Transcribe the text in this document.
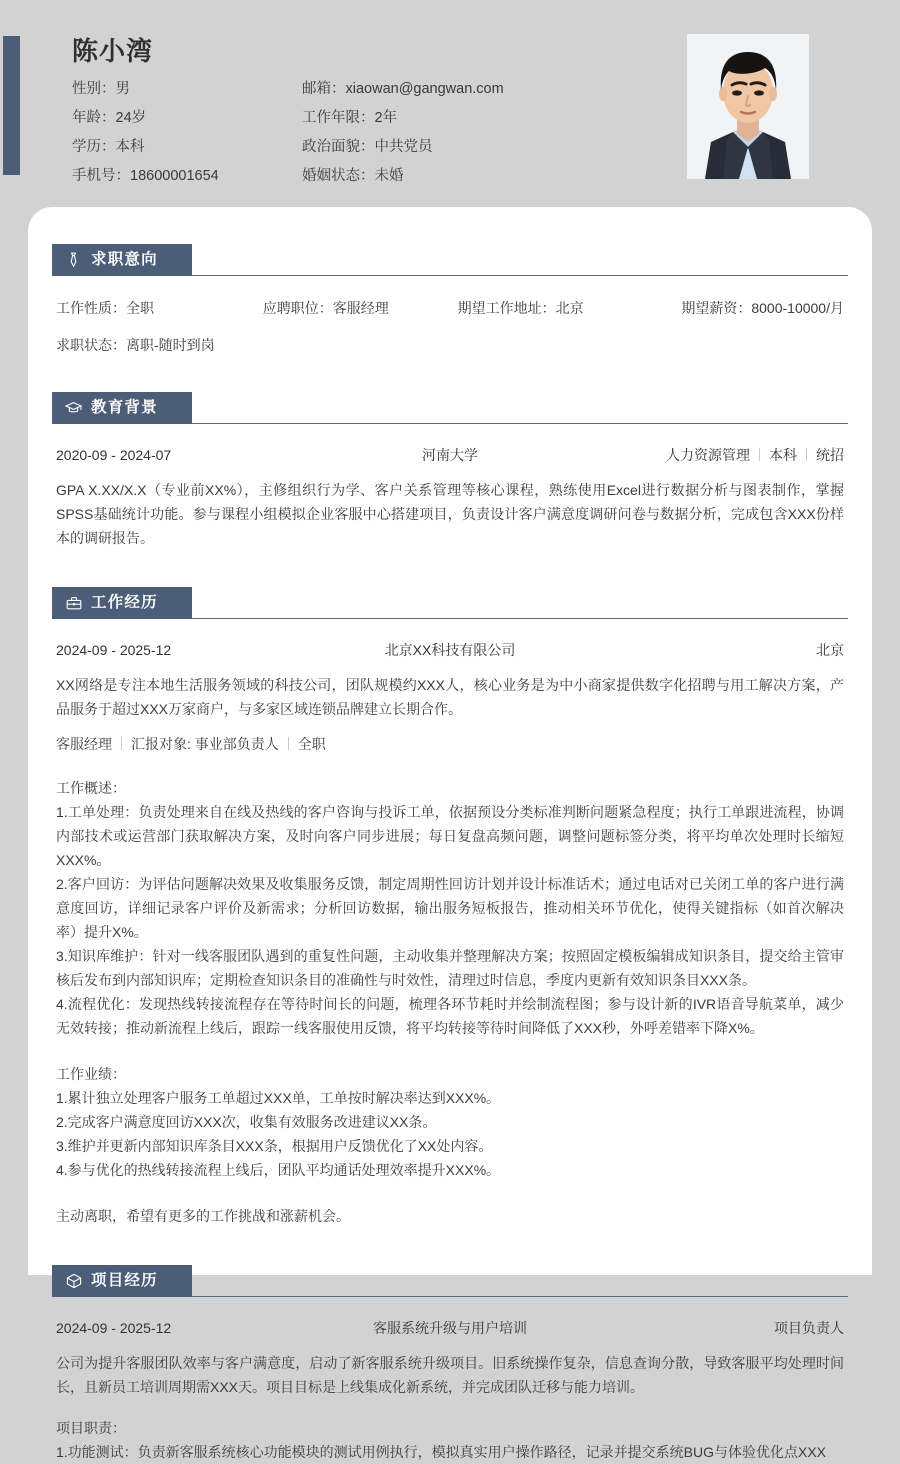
陈小湾
性别：男	邮箱：xiaowan@gangwan.com
年龄：24岁	工作年限：2年
学历：本科	政治面貌：中共党员
手机号：18600001654	婚姻状态：未婚
求职意向
工作性质：全职	应聘职位：客服经理	期望工作地址：北京	期望薪资：8000-10000/月
求职状态：离职-随时到岗
教育背景
2020-09 - 2024-07	河南大学	人力资源管理 本科 统招
GPA X.XX/X.X（专业前XX%），主修组织行为学、客户关系管理等核心课程，熟练使用Excel进行数据分析与图表制作，掌握SPSS基础统计功能。参与课程小组模拟企业客服中心搭建项目，负责设计客户满意度调研问卷与数据分析，完成包含XXX份样本的调研报告。
工作经历
2024-09 - 2025-12	北京XX科技有限公司	北京
XX网络是专注本地生活服务领域的科技公司，团队规模约XXX人，核心业务是为中小商家提供数字化招聘与用工解决方案，产品服务于超过XXX万家商户，与多家区域连锁品牌建立长期合作。
客服经理 汇报对象: 事业部负责人 全职
工作概述：
1.工单处理：负责处理来自在线及热线的客户咨询与投诉工单，依据预设分类标准判断问题紧急程度；执行工单跟进流程，协调内部技术或运营部门获取解决方案，及时向客户同步进展；每日复盘高频问题，调整问题标签分类，将平均单次处理时长缩短XXX%。
2.客户回访：为评估问题解决效果及收集服务反馈，制定周期性回访计划并设计标准话术；通过电话对已关闭工单的客户进行满意度回访，详细记录客户评价及新需求；分析回访数据，输出服务短板报告，推动相关环节优化，使得关键指标（如首次解决率）提升X%。
3.知识库维护：针对一线客服团队遇到的重复性问题，主动收集并整理解决方案；按照固定模板编辑成知识条目，提交给主管审核后发布到内部知识库；定期检查知识条目的准确性与时效性，清理过时信息，季度内更新有效知识条目XXX条。
4.流程优化：发现热线转接流程存在等待时间长的问题，梳理各环节耗时并绘制流程图；参与设计新的IVR语音导航菜单，减少无效转接；推动新流程上线后，跟踪一线客服使用反馈，将平均转接等待时间降低了XXX秒，外呼差错率下降X%。
工作业绩：
1.累计独立处理客户服务工单超过XXX单，工单按时解决率达到XXX%。
2.完成客户满意度回访XXX次，收集有效服务改进建议XX条。
3.维护并更新内部知识库条目XXX条，根据用户反馈优化了XX处内容。
4.参与优化的热线转接流程上线后，团队平均通话处理效率提升XXX%。
主动离职，希望有更多的工作挑战和涨薪机会。
项目经历
2024-09 - 2025-12	客服系统升级与用户培训	项目负责人
公司为提升客服团队效率与客户满意度，启动了新客服系统升级项目。旧系统操作复杂，信息查询分散，导致客服平均处理时间长，且新员工培训周期需XXX天。项目目标是上线集成化新系统，并完成团队迁移与能力培训。
项目职责：
1.功能测试：负责新客服系统核心功能模块的测试用例执行，模拟真实用户操作路径，记录并提交系统BUG与体验优化点XXX
